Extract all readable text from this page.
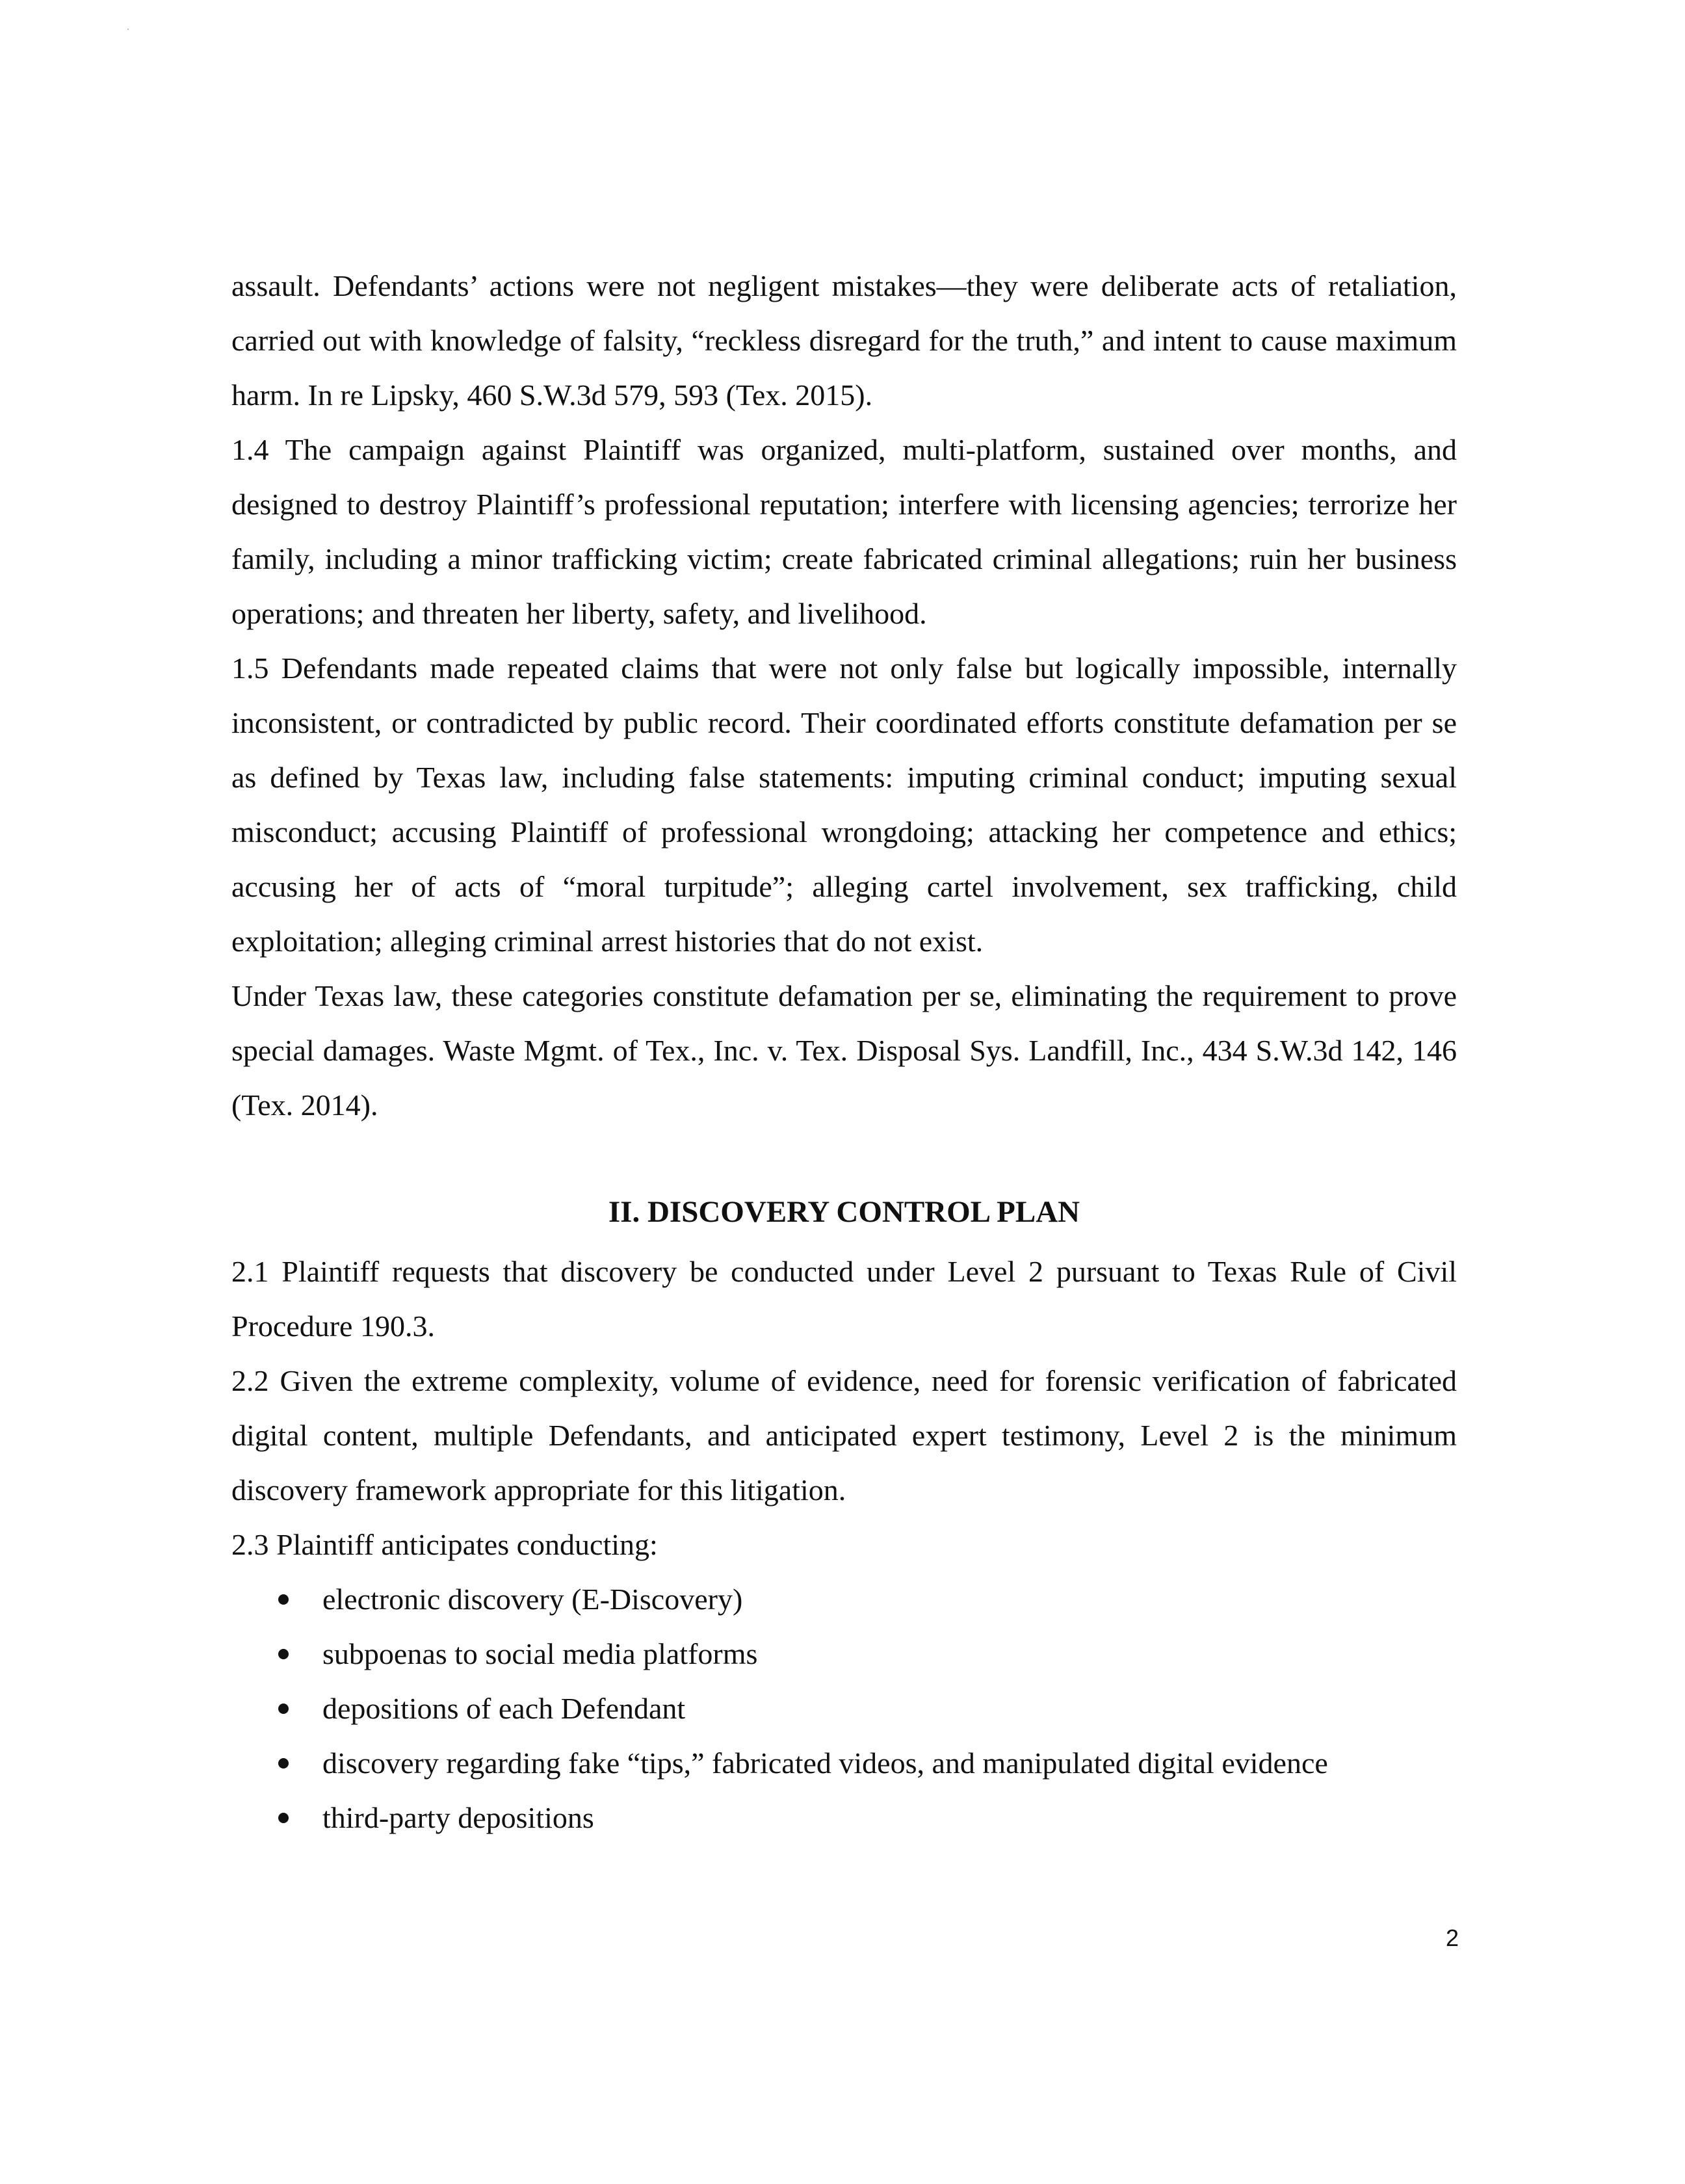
assault. Defendants’ actions were not negligent mistakes—they were deliberate acts of retaliation, carried out with knowledge of falsity, “reckless disregard for the truth,” and intent to cause maximum harm. In re Lipsky, 460 S.W.3d 579, 593 (Tex. 2015).

1.4 The campaign against Plaintiff was organized, multi-platform, sustained over months, and designed to destroy Plaintiff’s professional reputation; interfere with licensing agencies; terrorize her family, including a minor trafficking victim; create fabricated criminal allegations; ruin her business operations; and threaten her liberty, safety, and livelihood.

1.5 Defendants made repeated claims that were not only false but logically impossible, internally inconsistent, or contradicted by public record. Their coordinated efforts constitute defamation per se as defined by Texas law, including false statements: imputing criminal conduct; imputing sexual misconduct; accusing Plaintiff of professional wrongdoing; attacking her competence and ethics; accusing her of acts of “moral turpitude”; alleging cartel involvement, sex trafficking, child exploitation; alleging criminal arrest histories that do not exist.

Under Texas law, these categories constitute defamation per se, eliminating the requirement to prove special damages. Waste Mgmt. of Tex., Inc. v. Tex. Disposal Sys. Landfill, Inc., 434 S.W.3d 142, 146 (Tex. 2014).

II. DISCOVERY CONTROL PLAN

2.1 Plaintiff requests that discovery be conducted under Level 2 pursuant to Texas Rule of Civil Procedure 190.3.

2.2 Given the extreme complexity, volume of evidence, need for forensic verification of fabricated digital content, multiple Defendants, and anticipated expert testimony, Level 2 is the minimum discovery framework appropriate for this litigation.

2.3 Plaintiff anticipates conducting:

electronic discovery (E-Discovery)
subpoenas to social media platforms
depositions of each Defendant
discovery regarding fake “tips,” fabricated videos, and manipulated digital evidence
third-party depositions
2
